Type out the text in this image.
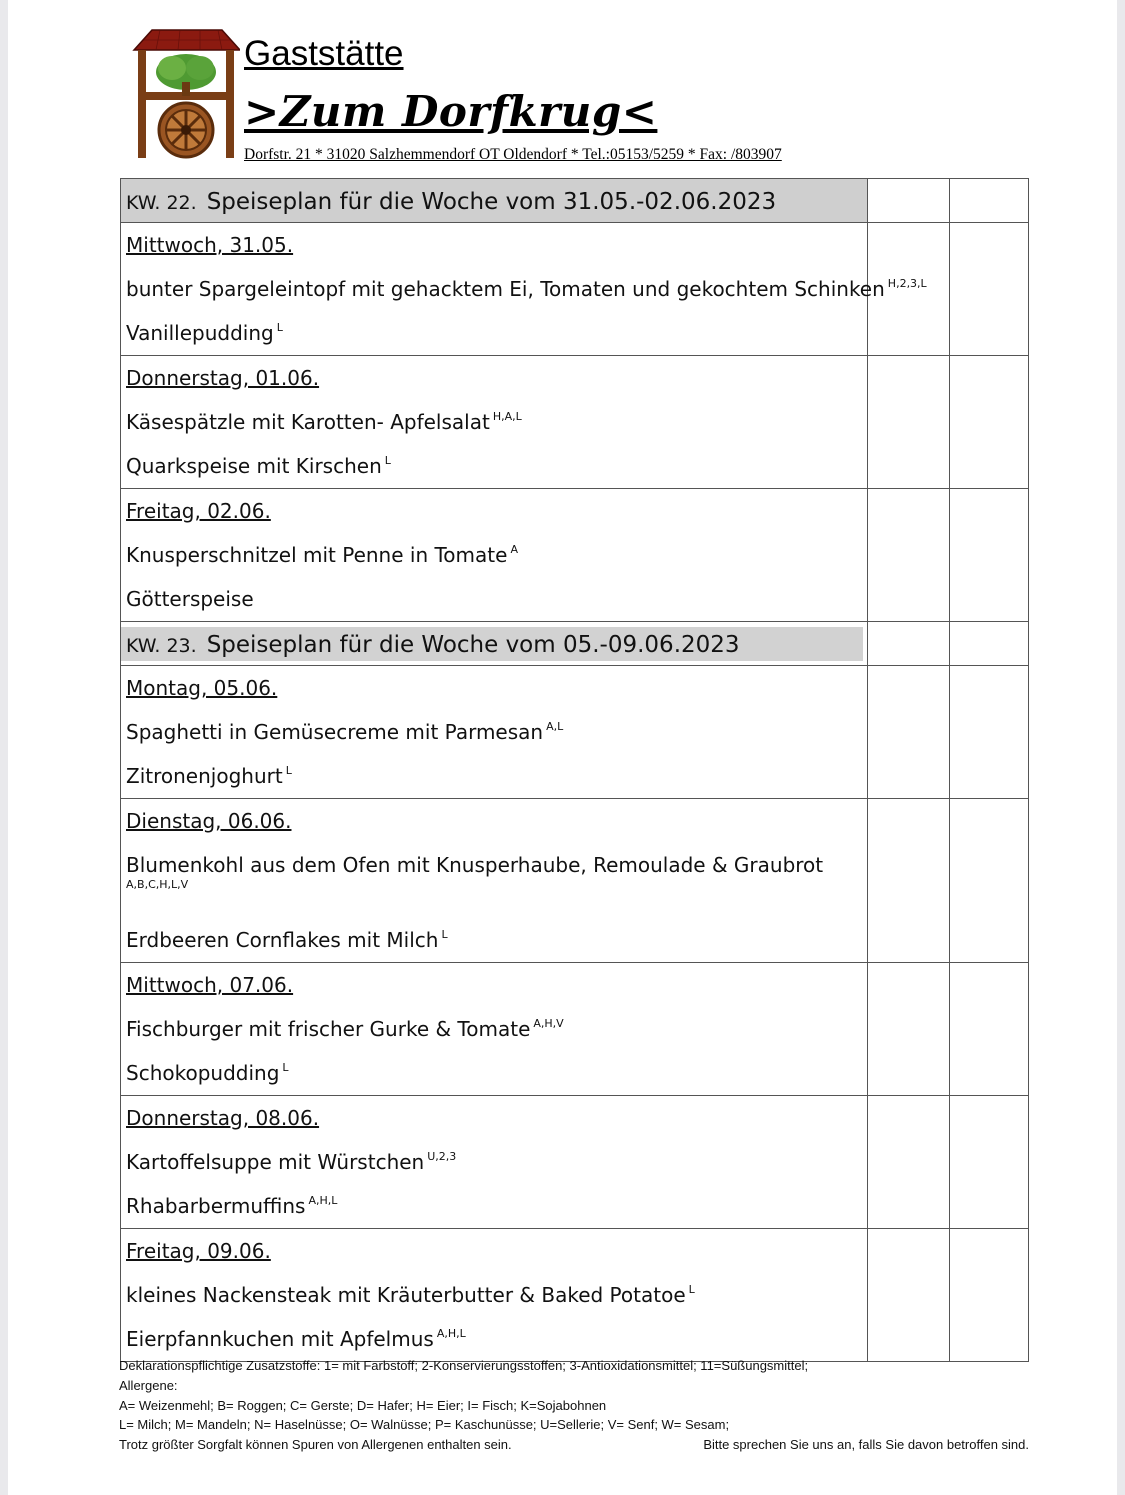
Gaststätte
>Zum Dorfkrug<
Dorfstr. 21 * 31020 Salzhemmendorf OT Oldendorf * Tel.:05153/5259 * Fax: /803907
KW. 22. Speiseplan für die Woche vom 31.05.-02.06.2023		

Mittwoch, 31.05.
bunter Spargeleintopf mit gehacktem Ei, Tomaten und gekochtem Schinken $^{H,2,3,L}$
Vanillepudding $^L$

Donnerstag, 01.06.
Käsespätzle mit Karotten- Apfelsalat $^{H,A,L}$
Quarkspeise mit Kirschen $^L$

Freitag, 02.06.
Knusperschnitzel mit Penne in Tomate $^A$
Götterspeise		

KW. 23. Speiseplan für die Woche vom 05.-09.06.2023		

Montag, 05.06.
Spaghetti in Gemüsecreme mit Parmesan $^{A,L}$
Zitronenjoghurt $^L$

Dienstag, 06.06.
Blumenkohl aus dem Ofen mit Knusperhaube, Remoulade & Graubrot
A,B,C,H,L,V
Erdbeeren Cornflakes mit Milch $^L$

Mittwoch, 07.06.
Fischburger mit frischer Gurke & Tomate $^{A,H,V}$
Schokopudding $^L$

Donnerstag, 08.06.
Kartoffelsuppe mit Würstchen $^{U,2,3}$
Rhabarbermuffins $^{A,H,L}$

Freitag, 09.06.
kleines Nackensteak mit Kräuterbutter & Baked Potatoe $^L$
Eierpfannkuchen mit Apfelmus $^{A,H,L}$

Deklarationspflichtige Zusatzstoffe: 1= mit Farbstoff; 2-Konservierungsstoffen; 3-Antioxidationsmittel; 11=Süßungsmittel;
Allergene:
A= Weizenmehl; B= Roggen; C= Gerste; D= Hafer; H= Eier; I= Fisch; K=Sojabohnen
L= Milch; M= Mandeln; N= Haselnüsse; O= Walnüsse; P= Kaschunüsse; U=Sellerie; V= Senf; W= Sesam;
Trotz größter Sorgfalt können Spuren von Allergenen enthalten sein.	Bitte sprechen Sie uns an, falls Sie davon betroffen sind.
